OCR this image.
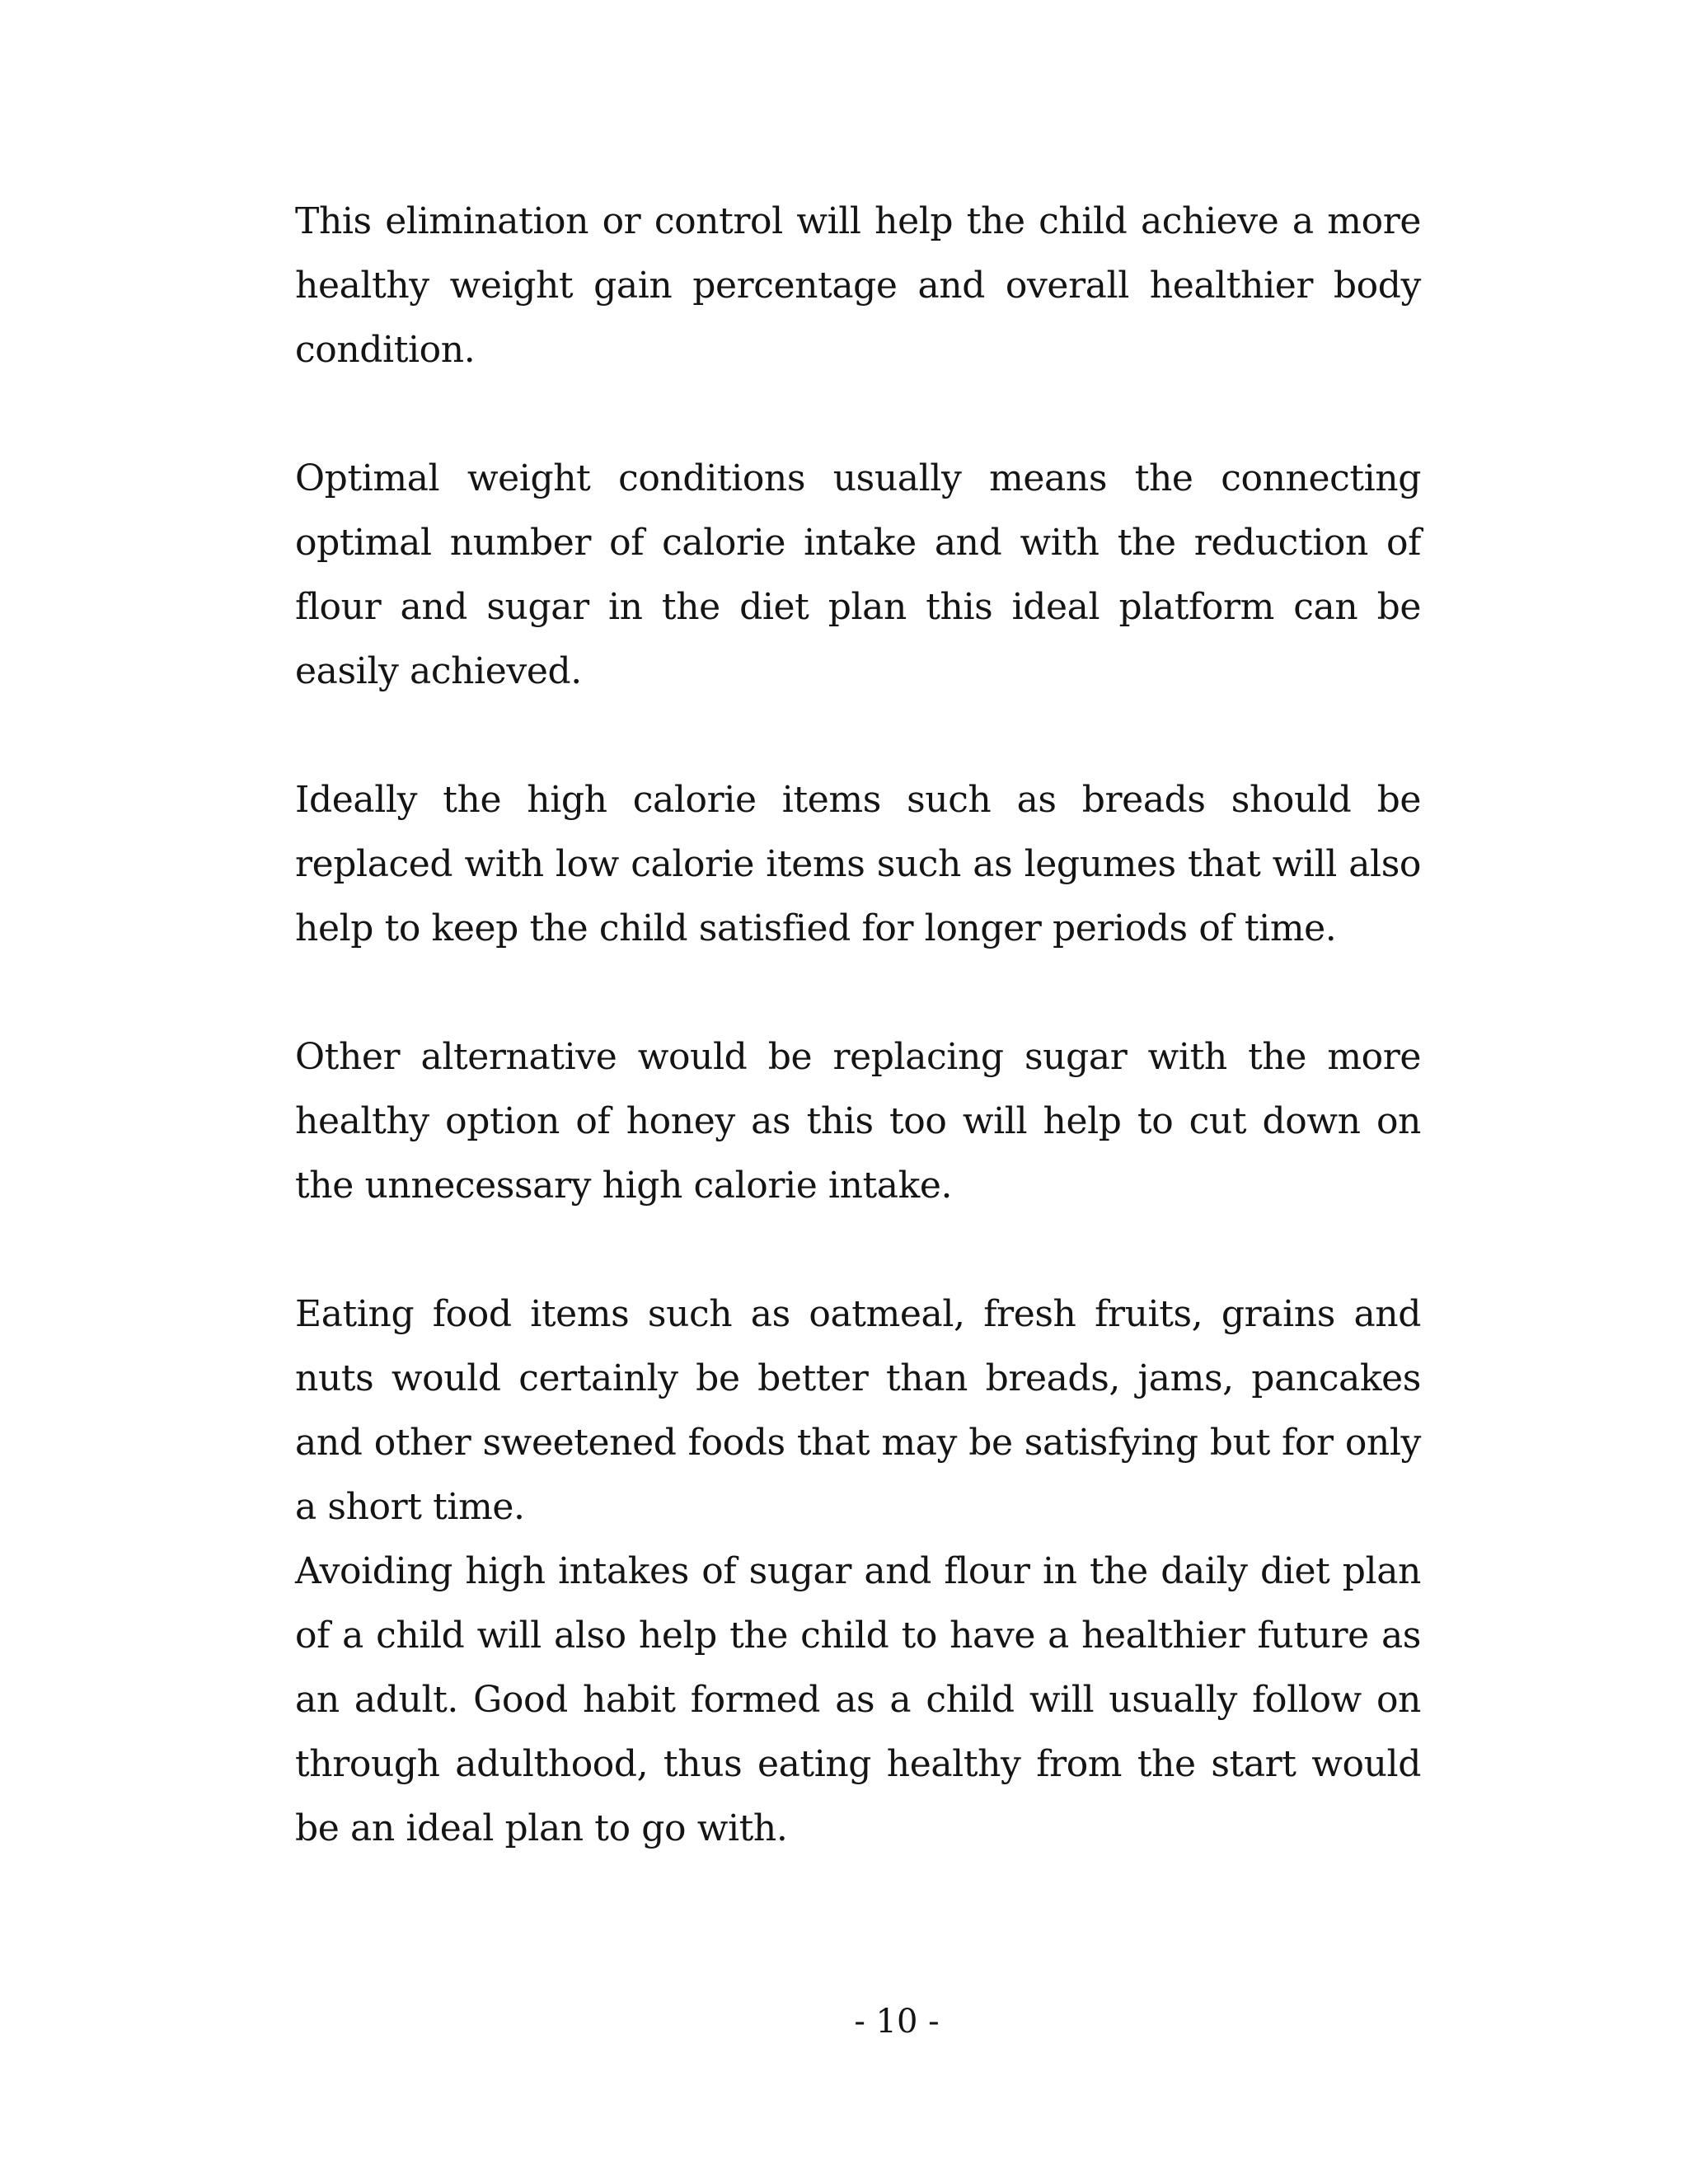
This elimination or control will help the child achieve a more healthy weight gain percentage and overall healthier body condition.

Optimal weight conditions usually means the connecting optimal number of calorie intake and with the reduction of flour and sugar in the diet plan this ideal platform can be easily achieved.

Ideally the high calorie items such as breads should be replaced with low calorie items such as legumes that will also help to keep the child satisfied for longer periods of time.

Other alternative would be replacing sugar with the more healthy option of honey as this too will help to cut down on the unnecessary high calorie intake.

Eating food items such as oatmeal, fresh fruits, grains and nuts would certainly be better than breads, jams, pancakes and other sweetened foods that may be satisfying but for only a short time.

Avoiding high intakes of sugar and flour in the daily diet plan of a child will also help the child to have a healthier future as an adult. Good habit formed as a child will usually follow on through adulthood, thus eating healthy from the start would be an ideal plan to go with.

- 10 -
